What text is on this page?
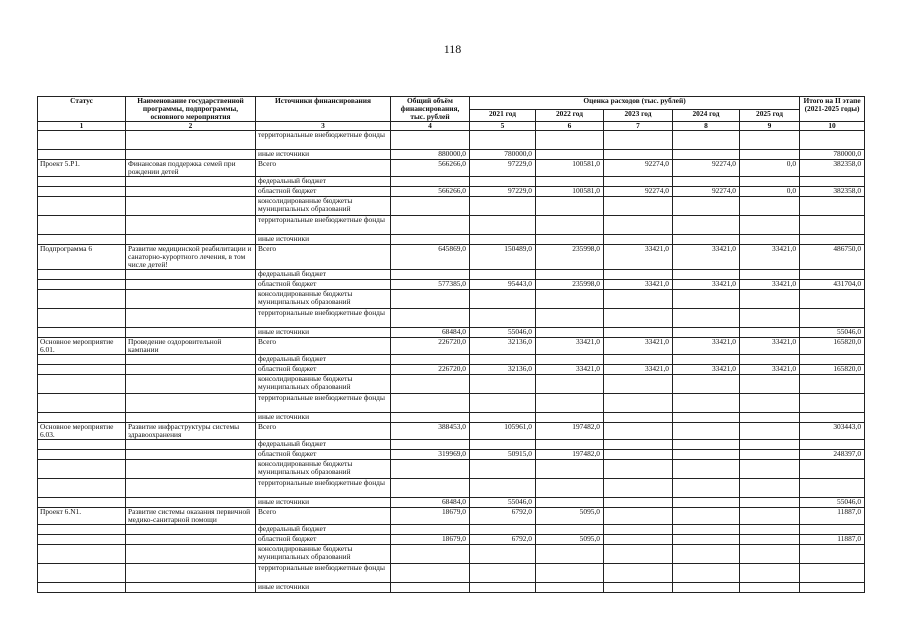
118
Статус	Наименование государственной программы, подпрограммы, основного мероприятия	Источники финансирования	Общий объём финансирования, тыс. рублей	Оценка расходов (тыс. рублей)					Итого на II этапе (2021-2025 годы)
				2021 год	2022 год	2023 год	2024 год	2025 год	
1	2	3	4	5	6	7	8	9	10
		территориальные внебюджетные фонды							
		иные источники	880000,0	780000,0					780000,0
Проект 5.Р1.	Финансовая поддержка семей при рождении детей	Всего	566266,0	97229,0	100581,0	92274,0	92274,0	0,0	382358,0
		федеральный бюджет							
		областной бюджет	566266,0	97229,0	100581,0	92274,0	92274,0	0,0	382358,0
		консолидированные бюджеты муниципальных образований							
		территориальные внебюджетные фонды							
		иные источники							
Подпрограмма 6	Развитие медицинской реабилитации и санаторно-курортного лечения, в том числе детей!	Всего	645869,0	150489,0	235998,0	33421,0	33421,0	33421,0	486750,0
		федеральный бюджет							
		областной бюджет	577385,0	95443,0	235998,0	33421,0	33421,0	33421,0	431704,0
		консолидированные бюджеты муниципальных образований							
		территориальные внебюджетные фонды							
		иные источники	68484,0	55046,0					55046,0
Основное мероприятие 6.01.	Проведение оздоровительной кампании	Всего	226720,0	32136,0	33421,0	33421,0	33421,0	33421,0	165820,0
		федеральный бюджет							
		областной бюджет	226720,0	32136,0	33421,0	33421,0	33421,0	33421,0	165820,0
		консолидированные бюджеты муниципальных образований							
		территориальные внебюджетные фонды							
		иные источники							
Основное мероприятие 6.03.	Развитие инфраструктуры системы здравоохранения	Всего	388453,0	105961,0	197482,0				303443,0
		федеральный бюджет							
		областной бюджет	319969,0	50915,0	197482,0				248397,0
		консолидированные бюджеты муниципальных образований							
		территориальные внебюджетные фонды							
		иные источники	68484,0	55046,0					55046,0
Проект 6.N1.	Развитие системы оказания первичной медико-санитарной помощи	Всего	18679,0	6792,0	5095,0				11887,0
		федеральный бюджет							
		областной бюджет	18679,0	6792,0	5095,0				11887,0
		консолидированные бюджеты муниципальных образований							
		территориальные внебюджетные фонды							
		иные источники							
